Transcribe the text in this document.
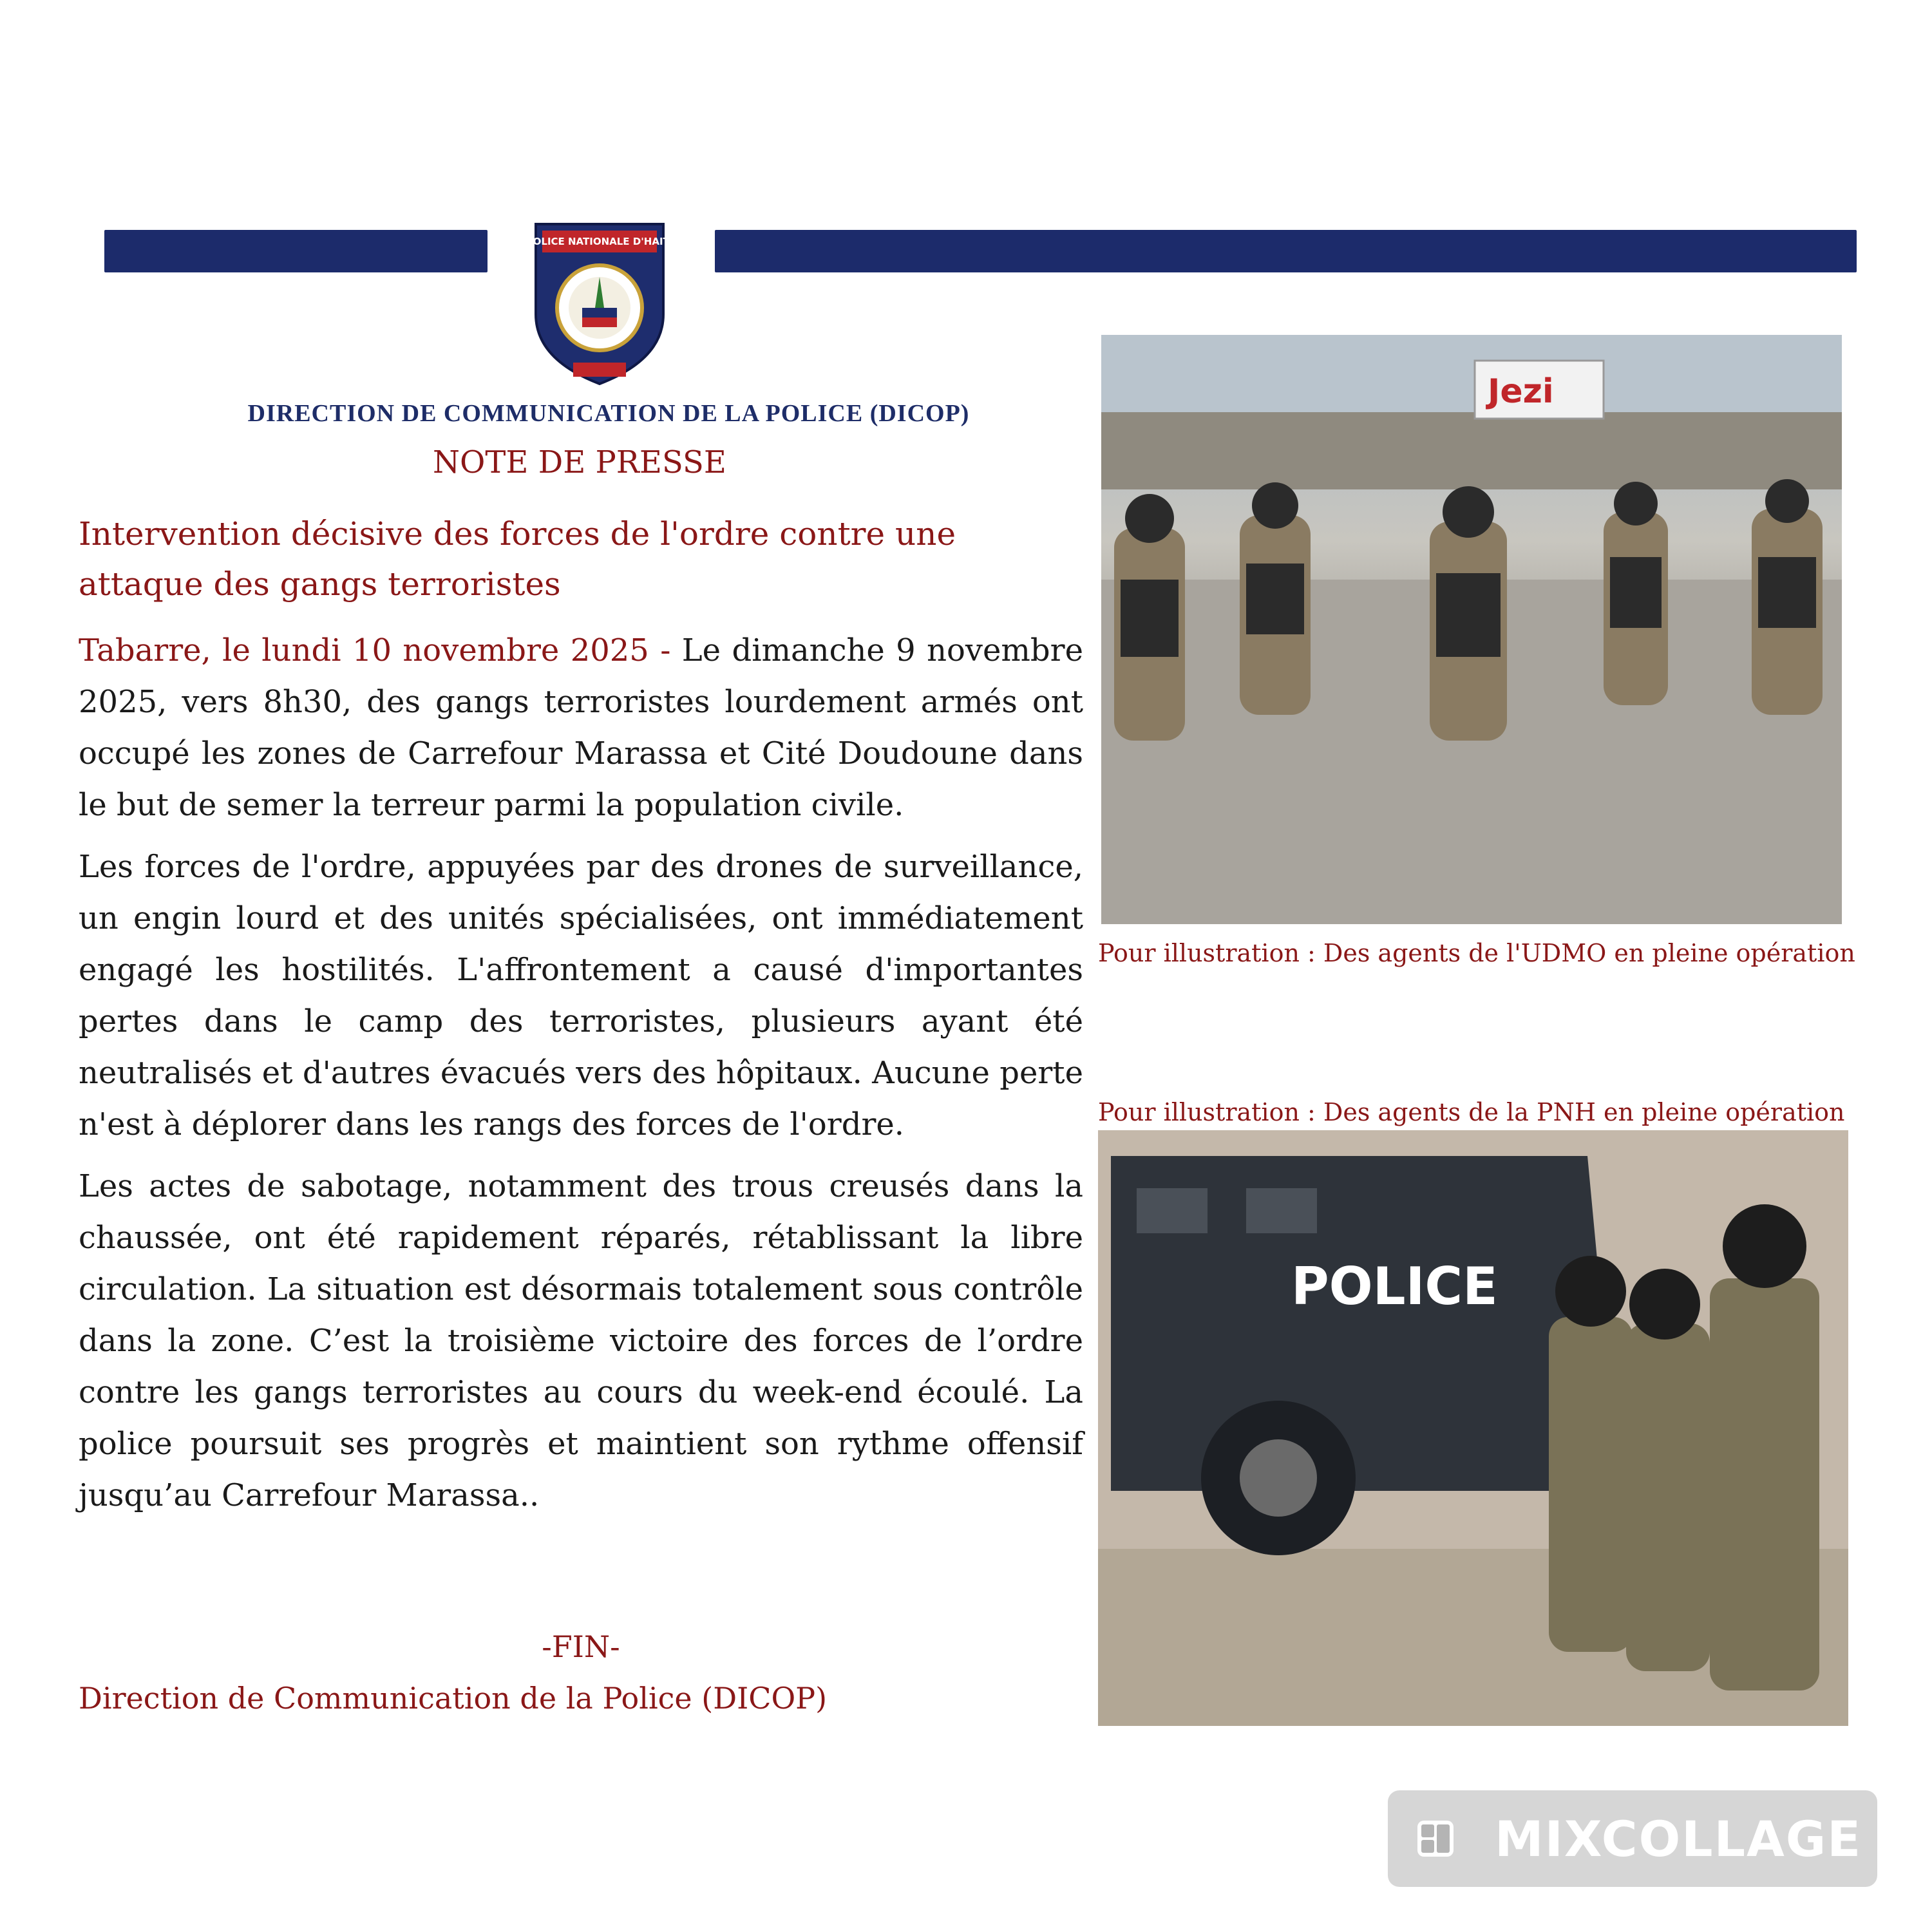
POLICE NATIONALE D'HAITI
DIRECTION DE COMMUNICATION DE LA POLICE (DICOP)
NOTE DE PRESSE
Intervention décisive des forces de l'ordre contre une attaque des gangs terroristes

Tabarre, le lundi 10 novembre 2025 - Le dimanche 9 novembre 2025, vers 8h30, des gangs terroristes lourdement armés ont occupé les zones de Carrefour Marassa et Cité Doudoune dans le but de semer la terreur parmi la population civile.

Les forces de l'ordre, appuyées par des drones de surveillance, un engin lourd et des unités spécialisées, ont immédiatement engagé les hostilités. L'affrontement a causé d'importantes pertes dans le camp des terroristes, plusieurs ayant été neutralisés et d'autres évacués vers des hôpitaux. Aucune perte n'est à déplorer dans les rangs des forces de l'ordre.

Les actes de sabotage, notamment des trous creusés dans la chaussée, ont été rapidement réparés, rétablissant la libre circulation. La situation est désormais totalement sous contrôle dans la zone. C’est la troisième victoire des forces de l’ordre contre les gangs terroristes au cours du week-end écoulé. La police poursuit ses progrès et maintient son rythme offensif jusqu’au Carrefour Marassa..

-FIN-
Direction de Communication de la Police (DICOP)
Jezi
Pour illustration : Des agents de l'UDMO en pleine opération
Pour illustration : Des agents de la PNH en pleine opération
POLICE
MIXCOLLAGE
